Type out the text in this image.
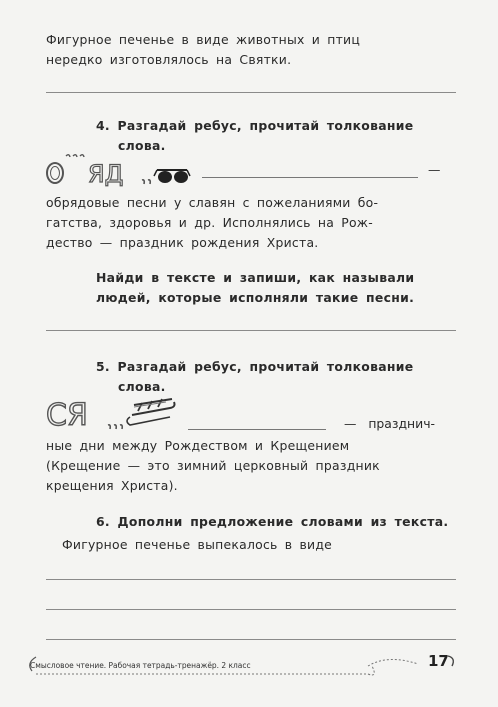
Фигурное печенье в виде животных и птиц
нередко изготовлялось на Святки.
4. Разгадай ребус, прочитай толкование
слова.
ЯД	—
обрядовые песни у славян с пожеланиями бо-
гатства, здоровья и др. Исполнялись на Рож-
дество — праздник рождения Христа.
Найди в тексте и запиши, как называли
людей, которые исполняли такие песни.
5. Разгадай ребус, прочитай толкование
слова.
СЯ	— празднич-
ные дни между Рождеством и Крещением
(Крещение — это зимний церковный праздник
крещения Христа).
6. Дополни предложение словами из текста.
Фигурное печенье выпекалось в виде
Смысловое чтение. Рабочая тетрадь-тренажёр. 2 класс	17
